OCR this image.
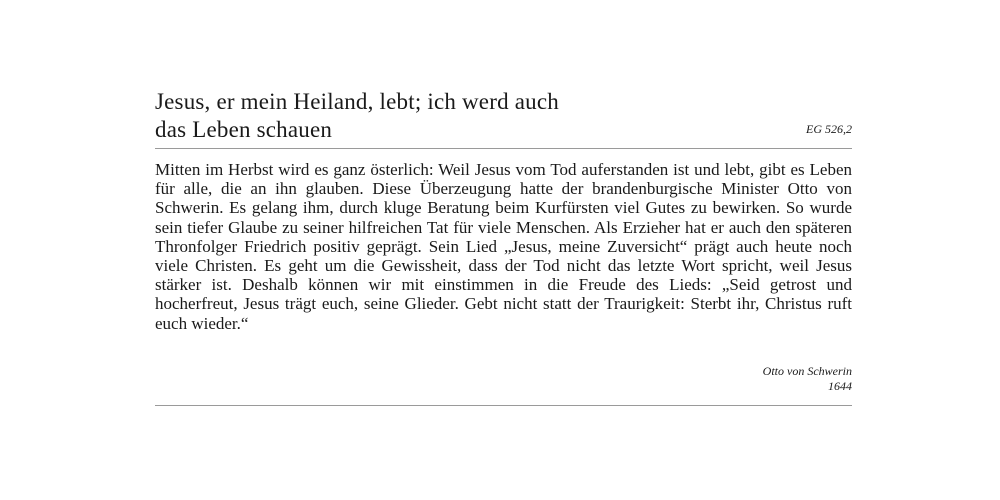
Jesus, er mein Heiland, lebt; ich werd auch
das Leben schauen	EG 526,2

Mitten im Herbst wird es ganz österlich: Weil Jesus vom Tod auferstanden ist und lebt, gibt es Leben für alle, die an ihn glauben. Diese Überzeugung hatte der brandenburgische Minister Otto von Schwerin. Es gelang ihm, durch kluge Beratung beim Kurfürsten viel Gutes zu bewirken. So wurde sein tiefer Glaube zu seiner hilfreichen Tat für viele Menschen. Als Erzieher hat er auch den späteren Thronfolger Friedrich positiv geprägt. Sein Lied „Jesus, meine Zuversicht“ prägt auch heute noch viele Christen. Es geht um die Gewissheit, dass der Tod nicht das letzte Wort spricht, weil Jesus stärker ist. Deshalb können wir mit einstimmen in die Freude des Lieds: „Seid getrost und hocherfreut, Jesus trägt euch, seine Glieder. Gebt nicht statt der Traurigkeit: Sterbt ihr, Christus ruft euch wieder.“

Otto von Schwerin
1644
